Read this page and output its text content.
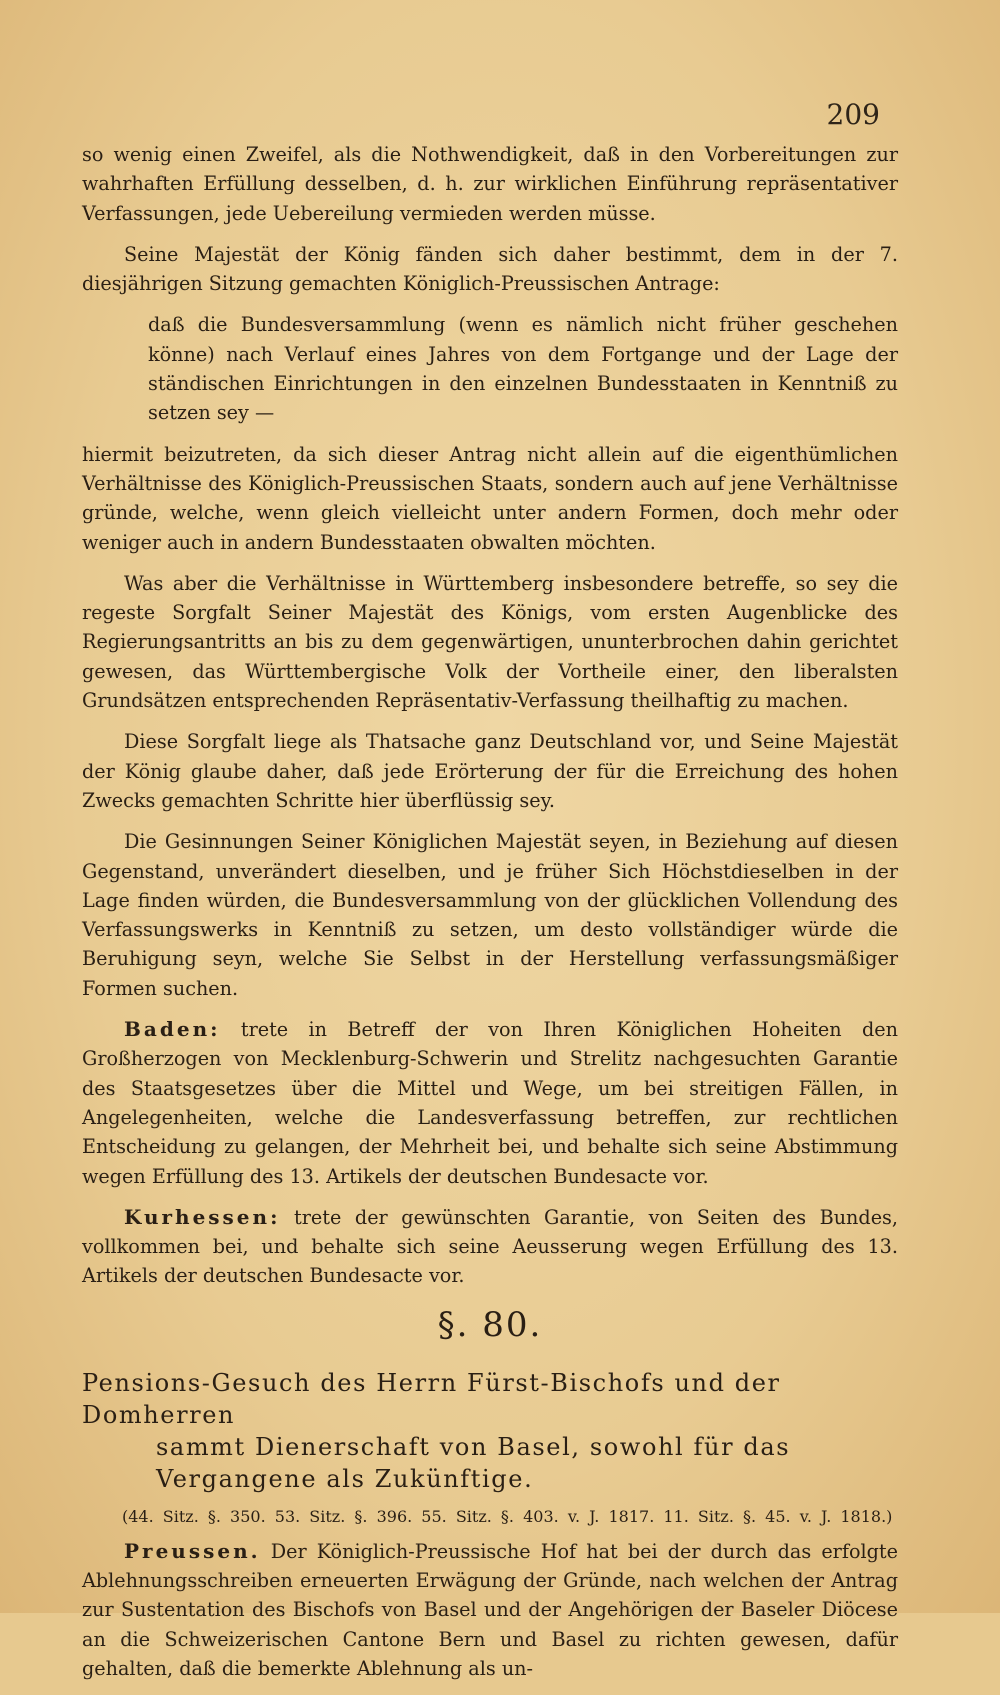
209

so wenig einen Zweifel, als die Nothwendigkeit, daß in den Vorbereitungen zur wahrhaften Erfüllung desselben, d. h. zur wirklichen Einführung repräsentativer Verfassungen, jede Uebereilung vermieden werden müsse.

Seine Majestät der König fänden sich daher bestimmt, dem in der 7. diesjährigen Sitzung gemachten Königlich-Preussischen Antrage:

daß die Bundesversammlung (wenn es nämlich nicht früher geschehen könne) nach Verlauf eines Jahres von dem Fortgange und der Lage der ständischen Einrichtungen in den einzelnen Bundesstaaten in Kenntniß zu setzen sey —

hiermit beizutreten, da sich dieser Antrag nicht allein auf die eigenthümlichen Verhältnisse des Königlich-Preussischen Staats, sondern auch auf jene Verhältnisse gründe, welche, wenn gleich vielleicht unter andern Formen, doch mehr oder weniger auch in andern Bundesstaaten obwalten möchten.

Was aber die Verhältnisse in Württemberg insbesondere betreffe, so sey die regeste Sorgfalt Seiner Majestät des Königs, vom ersten Augenblicke des Regierungsantritts an bis zu dem gegenwärtigen, ununterbrochen dahin gerichtet gewesen, das Württembergische Volk der Vortheile einer, den liberalsten Grundsätzen entsprechenden Repräsentativ-Verfassung theilhaftig zu machen.

Diese Sorgfalt liege als Thatsache ganz Deutschland vor, und Seine Majestät der König glaube daher, daß jede Erörterung der für die Erreichung des hohen Zwecks gemachten Schritte hier überflüssig sey.

Die Gesinnungen Seiner Königlichen Majestät seyen, in Beziehung auf diesen Gegenstand, unverändert dieselben, und je früher Sich Höchstdieselben in der Lage finden würden, die Bundesversammlung von der glücklichen Vollendung des Verfassungswerks in Kenntniß zu setzen, um desto vollständiger würde die Beruhigung seyn, welche Sie Selbst in der Herstellung verfassungsmäßiger Formen suchen.

Baden: trete in Betreff der von Ihren Königlichen Hoheiten den Großherzogen von Mecklenburg-Schwerin und Strelitz nachgesuchten Garantie des Staatsgesetzes über die Mittel und Wege, um bei streitigen Fällen, in Angelegenheiten, welche die Landesverfassung betreffen, zur rechtlichen Entscheidung zu gelangen, der Mehrheit bei, und behalte sich seine Abstimmung wegen Erfüllung des 13. Artikels der deutschen Bundesacte vor.

Kurhessen: trete der gewünschten Garantie, von Seiten des Bundes, vollkommen bei, und behalte sich seine Aeusserung wegen Erfüllung des 13. Artikels der deutschen Bundesacte vor.

§. 80.
Pensions-Gesuch des Herrn Fürst-Bischofs und der Domherren
sammt Dienerschaft von Basel, sowohl für das Vergangene als Zukünftige.
(44. Sitz. §. 350. 53. Sitz. §. 396. 55. Sitz. §. 403. v. J. 1817. 11. Sitz. §. 45. v. J. 1818.)

Preussen. Der Königlich-Preussische Hof hat bei der durch das erfolgte Ablehnungsschreiben erneuerten Erwägung der Gründe, nach welchen der Antrag zur Sustentation des Bischofs von Basel und der Angehörigen der Baseler Diöcese an die Schweizerischen Cantone Bern und Basel zu richten gewesen, dafür gehalten, daß die bemerkte Ablehnung als un-
